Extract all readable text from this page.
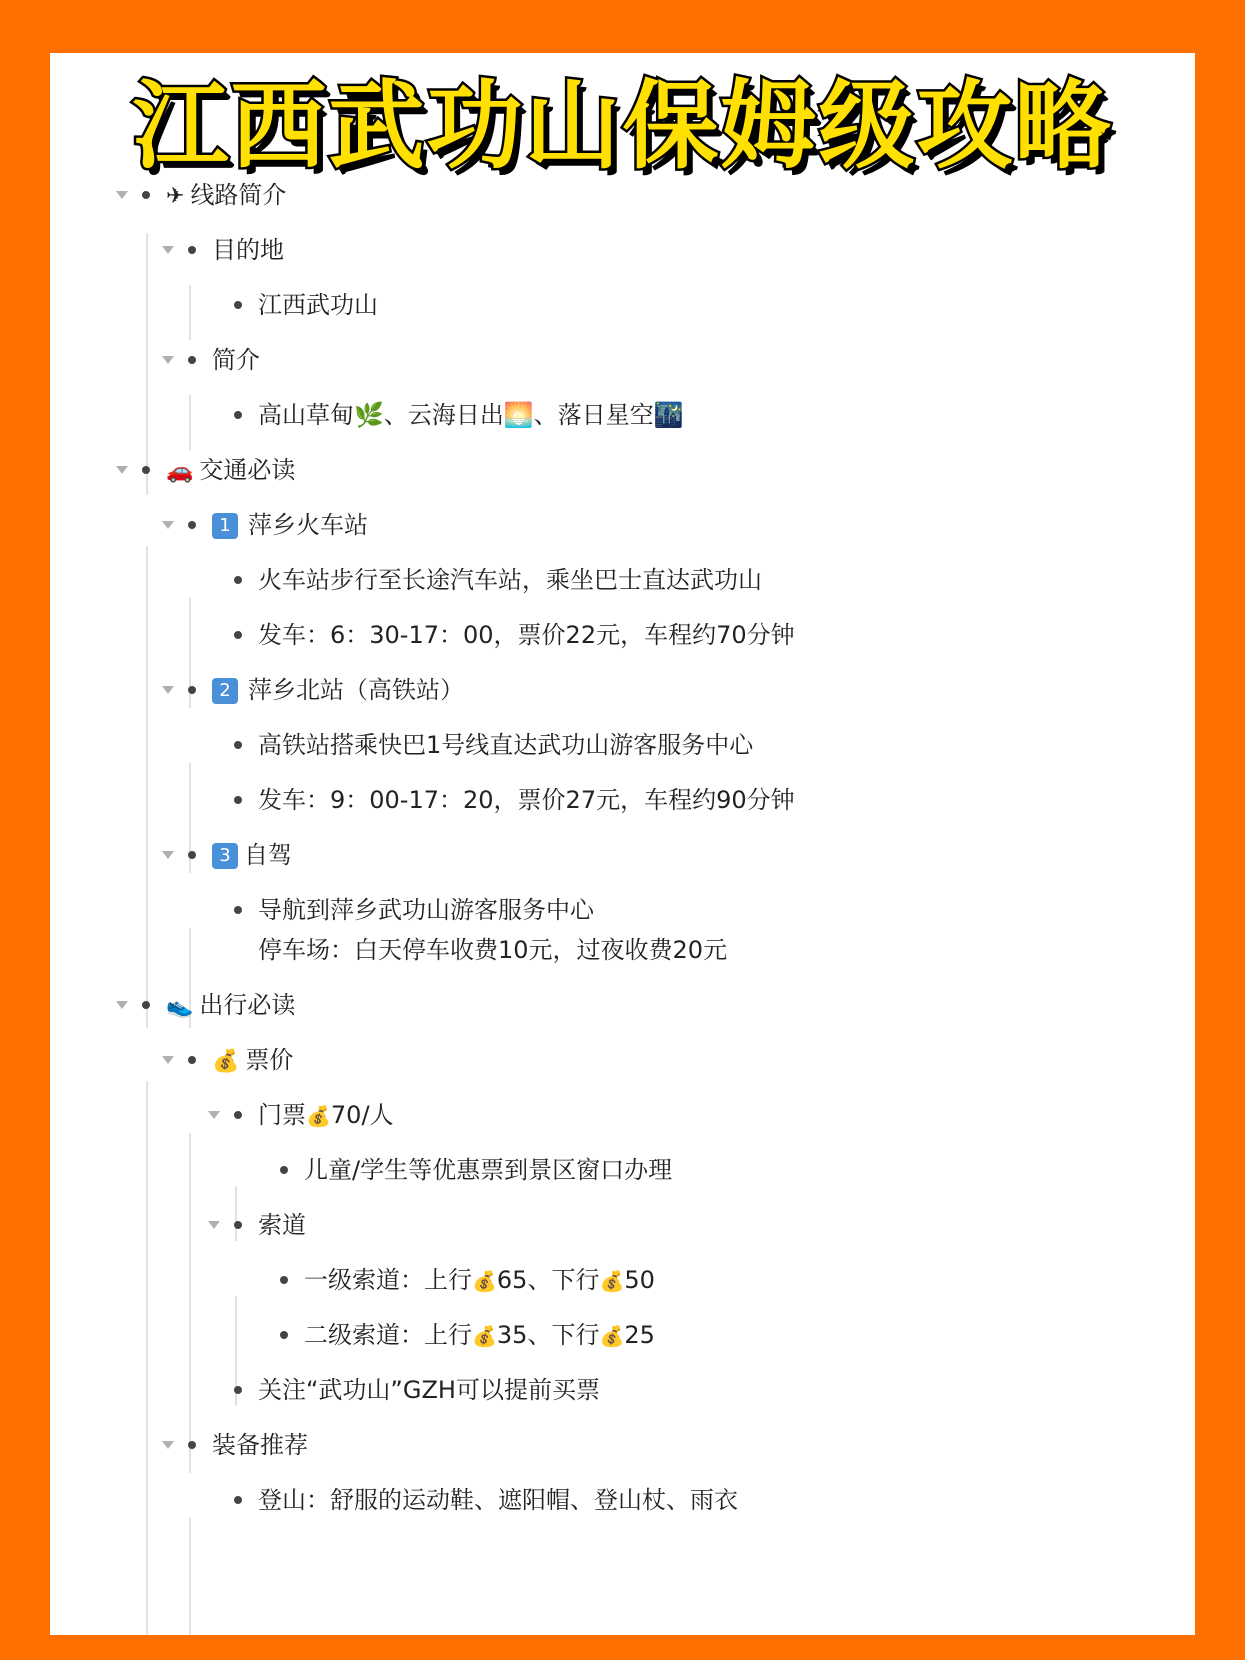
江西武功山保姆级攻略
✈ 线路简介
目的地
江西武功山
简介
高山草甸🌿、云海日出🌅、落日星空🌃
🚗 交通必读
1 萍乡火车站
火车站步行至长途汽车站，乘坐巴士直达武功山
发车：6：30-17：00，票价22元，车程约70分钟
2 萍乡北站（高铁站）
高铁站搭乘快巴1号线直达武功山游客服务中心
发车：9：00-17：20，票价27元，车程约90分钟
3 自驾
导航到萍乡武功山游客服务中心
停车场：白天停车收费10元，过夜收费20元
👟 出行必读
💰 票价
门票💰70/人
儿童/学生等优惠票到景区窗口办理
索道
一级索道：上行💰65、下行💰50
二级索道：上行💰35、下行💰25
关注“武功山”GZH可以提前买票
装备推荐
登山：舒服的运动鞋、遮阳帽、登山杖、雨衣
